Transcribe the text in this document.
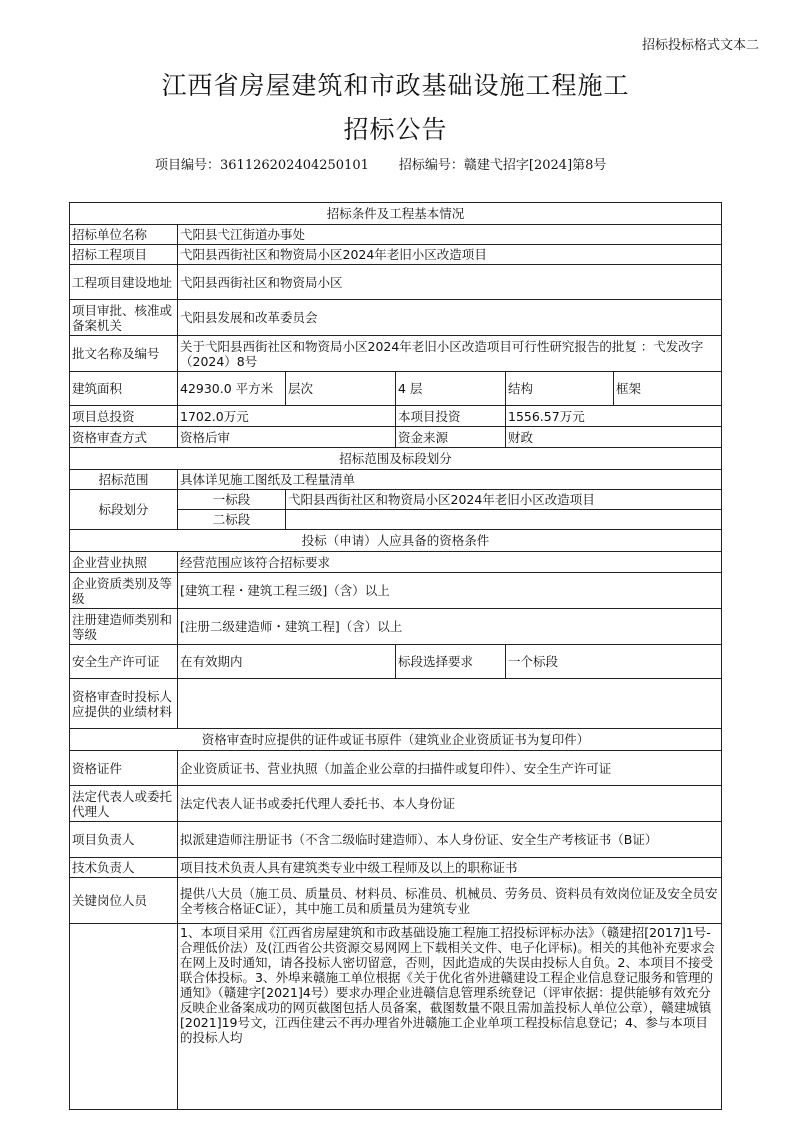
招标投标格式文本二
江西省房屋建筑和市政基础设施工程施工
招标公告
项目编号：361126202404250101 招标编号：赣建弋招字[2024]第8号
招标条件及工程基本情况					
招标单位名称	弋阳县弋江街道办事处				
招标工程项目	弋阳县西街社区和物资局小区2024年老旧小区改造项目				
工程项目建设地址	弋阳县西街社区和物资局小区				
项目审批、核准或备案机关	弋阳县发展和改革委员会				
批文名称及编号	关于弋阳县西街社区和物资局小区2024年老旧小区改造项目可行性研究报告的批复 ：弋发改字（2024）8号				
建筑面积	42930.0 平方米	层次	4 层	结构	框架
项目总投资	1702.0万元		本项目投资	1556.57万元	
资格审查方式	资格后审		资金来源	财政	
招标范围及标段划分					
招标范围	具体详见施工图纸及工程量清单				
标段划分	一标段	弋阳县西街社区和物资局小区2024年老旧小区改造项目			
	二标段				
投标（申请）人应具备的资格条件					
企业营业执照	经营范围应该符合招标要求				
企业资质类别及等级	[建筑工程・建筑工程三级]（含）以上				
注册建造师类别和等级	[注册二级建造师・建筑工程]（含）以上				
安全生产许可证	在有效期内		标段选择要求	一个标段	
资格审查时投标人应提供的业绩材料					
资格审查时应提供的证件或证书原件（建筑业企业资质证书为复印件）					
资格证件	企业资质证书、营业执照（加盖企业公章的扫描件或复印件）、安全生产许可证				
法定代表人或委托代理人	法定代表人证书或委托代理人委托书、本人身份证				
项目负责人	拟派建造师注册证书（不含二级临时建造师）、本人身份证、安全生产考核证书（B证）				
技术负责人	项目技术负责人具有建筑类专业中级工程师及以上的职称证书				
关键岗位人员	提供八大员（施工员、质量员、材料员、标准员、机械员、劳务员、资料员有效岗位证及安全员安全考核合格证C证），其中施工员和质量员为建筑专业				
	1、本项目采用《江西省房屋建筑和市政基础设施工程施工招投标评标办法》（赣建招[2017]1号-合理低价法）及(江西省公共资源交易网网上下载相关文件、电子化评标)。相关的其他补充要求会在网上及时通知，请各投标人密切留意，否则，因此造成的失误由投标人自负。2、本项目不接受联合体投标。3、外埠来赣施工单位根据《关于优化省外进赣建设工程企业信息登记服务和管理的通知》（赣建字[2021]4号）要求办理企业进赣信息管理系统登记（评审依据：提供能够有效充分反映企业备案成功的网页截图包括人员备案，截图数量不限且需加盖投标人单位公章），赣建城镇[2021]19号文，江西住建云不再办理省外进赣施工企业单项工程投标信息登记；4、参与本项目的投标人均				
